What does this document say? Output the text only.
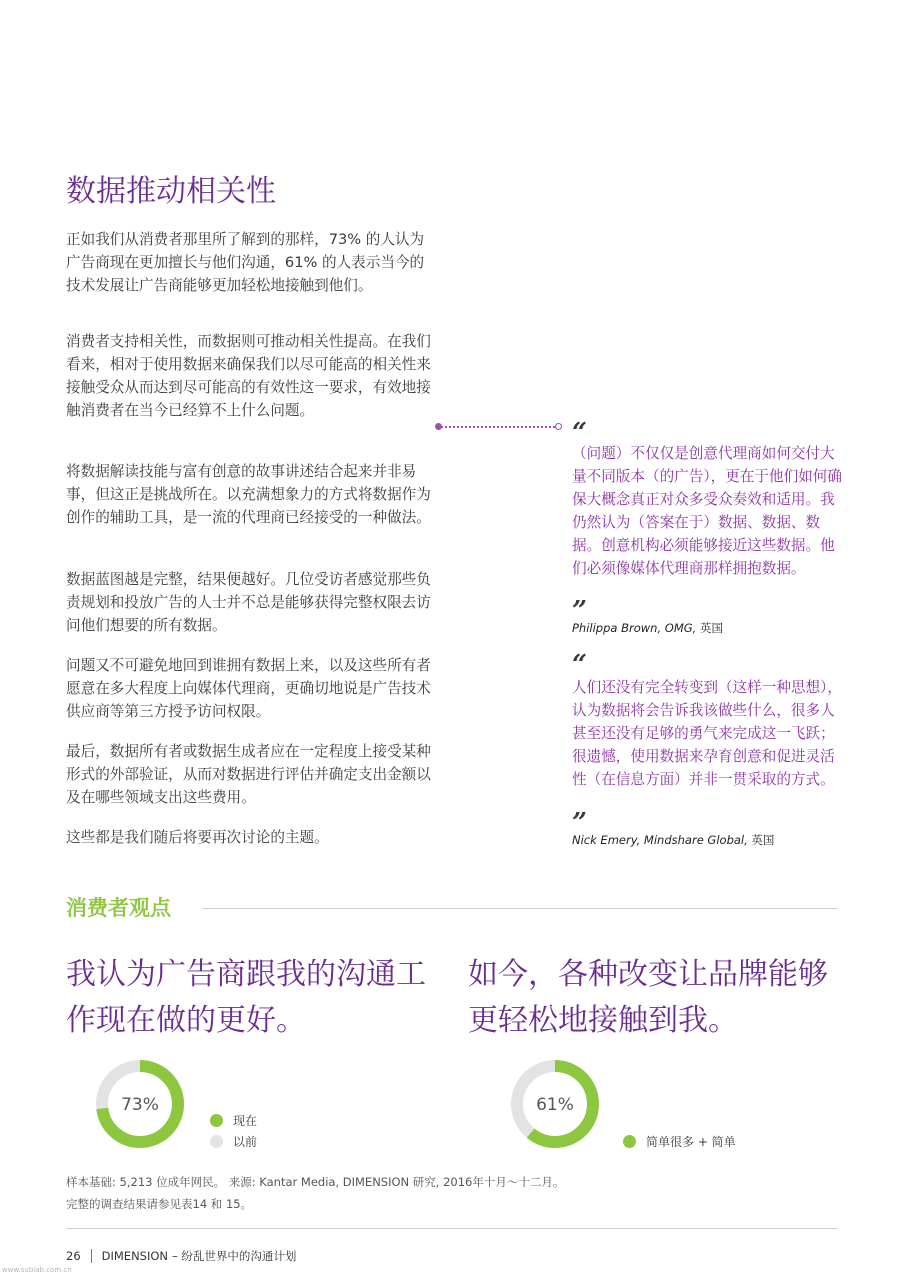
数据推动相关性

正如我们从消费者那里所了解到的那样，73% 的人认为广告商现在更加擅长与他们沟通，61% 的人表示当今的技术发展让广告商能够更加轻松地接触到他们。

消费者支持相关性，而数据则可推动相关性提高。在我们看来，相对于使用数据来确保我们以尽可能高的相关性来接触受众从而达到尽可能高的有效性这一要求，有效地接触消费者在当今已经算不上什么问题。

将数据解读技能与富有创意的故事讲述结合起来并非易事，但这正是挑战所在。以充满想象力的方式将数据作为创作的辅助工具，是一流的代理商已经接受的一种做法。

数据蓝图越是完整，结果便越好。几位受访者感觉那些负责规划和投放广告的人士并不总是能够获得完整权限去访问他们想要的所有数据。

问题又不可避免地回到谁拥有数据上来，以及这些所有者愿意在多大程度上向媒体代理商，更确切地说是广告技术供应商等第三方授予访问权限。

最后，数据所有者或数据生成者应在一定程度上接受某种形式的外部验证，从而对数据进行评估并确定支出金额以及在哪些领域支出这些费用。

这些都是我们随后将要再次讨论的主题。

“

（问题）不仅仅是创意代理商如何交付大量不同版本（的广告），更在于他们如何确保大概念真正对众多受众奏效和适用。我仍然认为（答案在于）数据、数据、数据。创意机构必须能够接近这些数据。他们必须像媒体代理商那样拥抱数据。

”
Philippa Brown, OMG, 英国
“

人们还没有完全转变到（这样一种思想），认为数据将会告诉我该做些什么，很多人甚至还没有足够的勇气来完成这一飞跃；很遗憾，使用数据来孕育创意和促进灵活性（在信息方面）并非一贯采取的方式。

”
Nick Emery, Mindshare Global, 英国
消费者观点

我认为广告商跟我的沟通工作现在做的更好。

如今，各种改变让品牌能够更轻松地接触到我。

73%
现在
以前
61%
简单很多 + 简单
样本基础: 5,213 位成年网民。 来源: Kantar Media, DIMENSION 研究, 2016年十月～十二月。
完整的调查结果请参见表14 和 15。
26 DIMENSION – 纷乱世界中的沟通计划
www.sublab.com.cn
